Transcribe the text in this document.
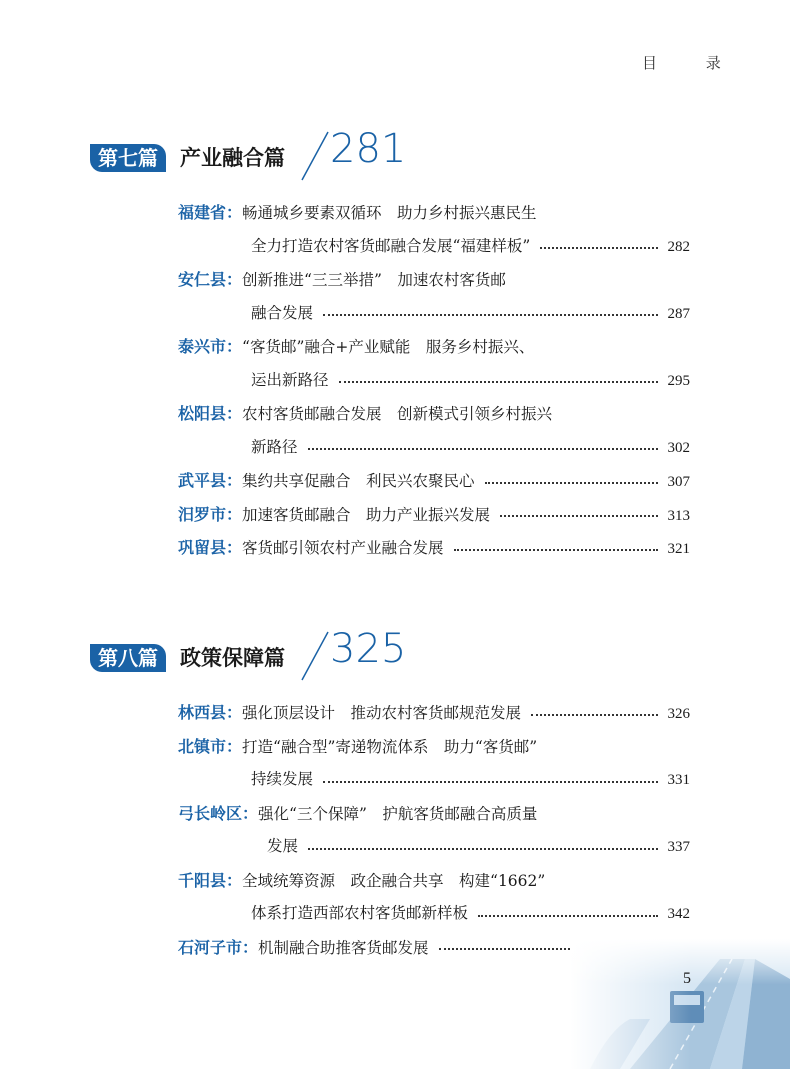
目 录
第七篇	产业融合篇 281
福建省： 畅通城乡要素双循环　助力乡村振兴惠民生
全力打造农村客货邮融合发展“福建样板”	282
安仁县： 创新推进“三三举措”　加速农村客货邮
融合发展	287
泰兴市： “客货邮”融合+产业赋能　服务乡村振兴、
运出新路径	295
松阳县： 农村客货邮融合发展　创新模式引领乡村振兴
新路径	302
武平县： 集约共享促融合　利民兴农聚民心	307
汨罗市： 加速客货邮融合　助力产业振兴发展	313
巩留县： 客货邮引领农村产业融合发展	321
第八篇	政策保障篇 325
林西县： 强化顶层设计　推动农村客货邮规范发展	326
北镇市： 打造“融合型”寄递物流体系　助力“客货邮”
持续发展	331
弓长岭区： 强化“三个保障”　护航客货邮融合高质量
发展	337
千阳县： 全域统筹资源　政企融合共享　构建“1662”
体系打造西部农村客货邮新样板	342
石河子市： 机制融合助推客货邮发展
5
